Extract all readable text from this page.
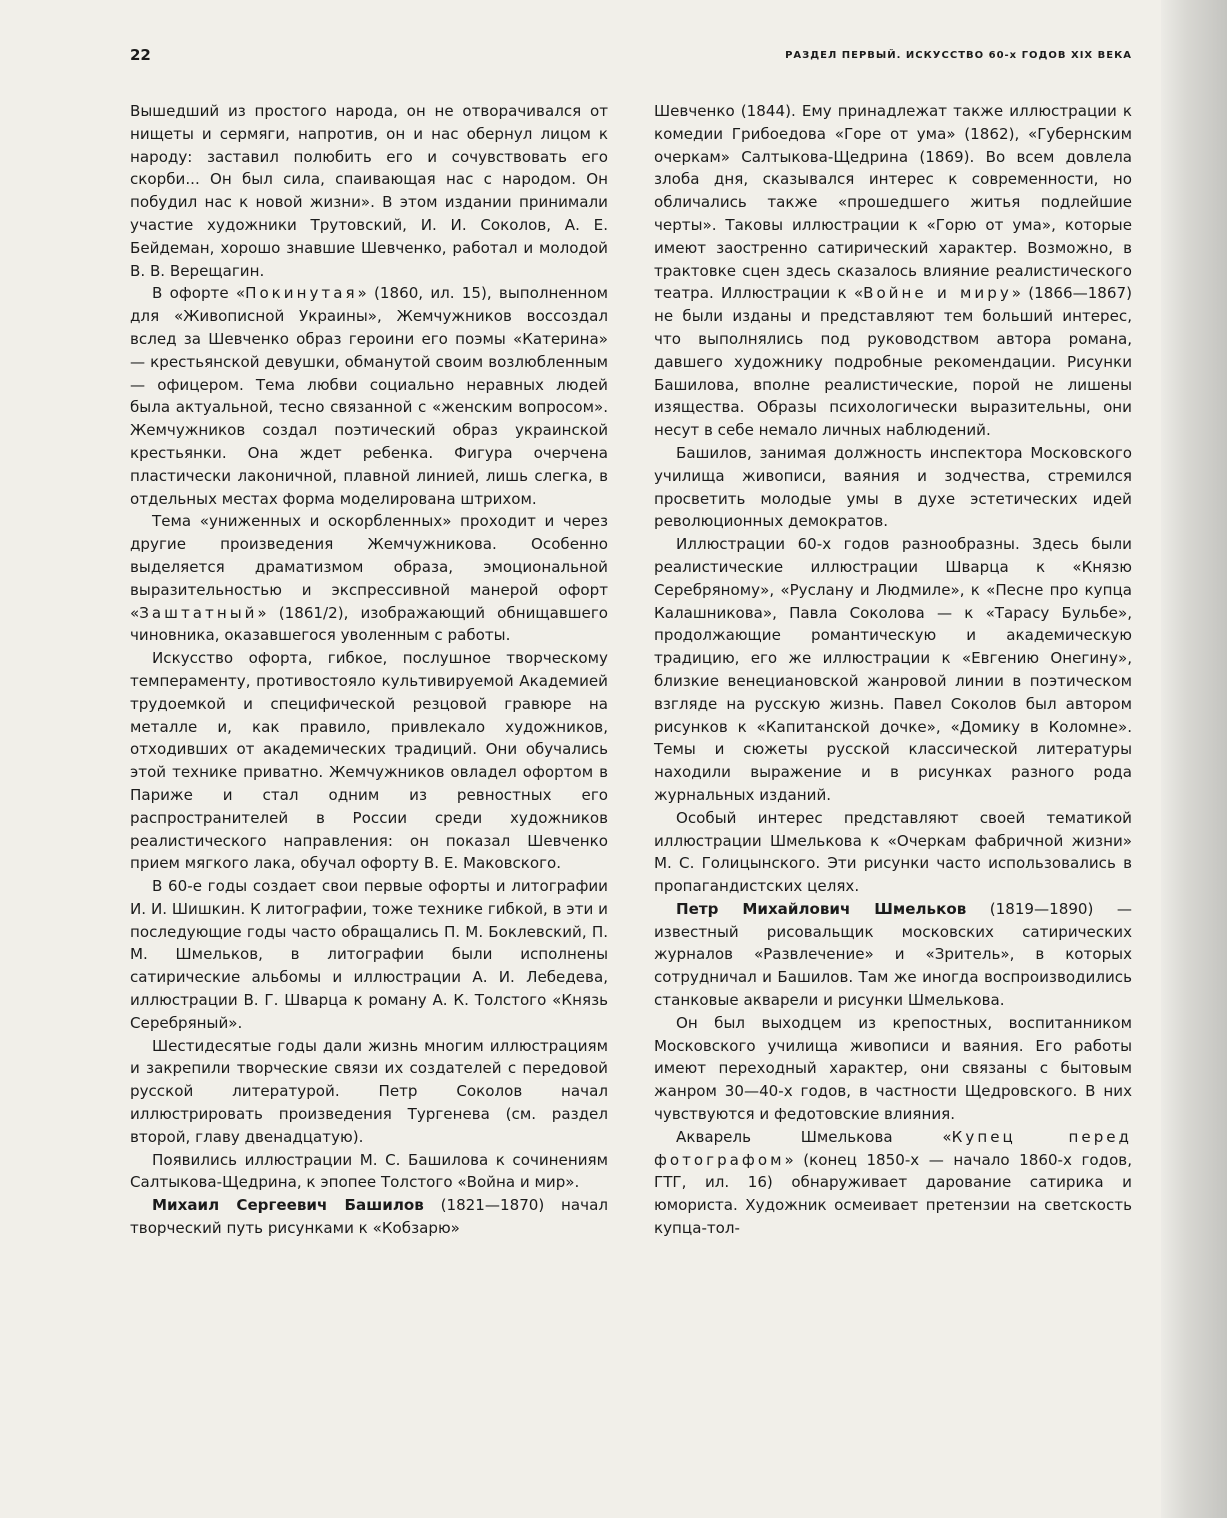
22	РАЗДЕЛ ПЕРВЫЙ. ИСКУССТВО 60-х ГОДОВ XIX ВЕКА

Вышедший из простого народа, он не отворачивался от нищеты и сермяги, напротив, он и нас обернул лицом к народу: заставил полюбить его и сочувствовать его скорби... Он был сила, спаивающая нас с народом. Он побудил нас к новой жизни». В этом издании принимали участие художники Трутовский, И. И. Соколов, А. Е. Бейдеман, хорошо знавшие Шевченко, работал и молодой В. В. Верещагин.

В офорте «Покинутая» (1860, ил. 15), выполненном для «Живописной Украины», Жемчужников воссоздал вслед за Шевченко образ героини его поэмы «Катерина» — крестьянской девушки, обманутой своим возлюбленным — офицером. Тема любви социально неравных людей была актуальной, тесно связанной с «женским вопросом». Жемчужников создал поэтический образ украинской крестьянки. Она ждет ребенка. Фигура очерчена пластически лаконичной, плавной линией, лишь слегка, в отдельных местах форма моделирована штрихом.

Тема «униженных и оскорбленных» проходит и через другие произведения Жемчужникова. Особенно выделяется драматизмом образа, эмоциональной выразительностью и экспрессивной манерой офорт «Заштатный» (1861/2), изображающий обнищавшего чиновника, оказавшегося уволенным с работы.

Искусство офорта, гибкое, послушное творческому темпераменту, противостояло культивируемой Академией трудоемкой и специфической резцовой гравюре на металле и, как правило, привлекало художников, отходивших от академических традиций. Они обучались этой технике приватно. Жемчужников овладел офортом в Париже и стал одним из ревностных его распространителей в России среди художников реалистического направления: он показал Шевченко прием мягкого лака, обучал офорту В. Е. Маковского.

В 60-е годы создает свои первые офорты и литографии И. И. Шишкин. К литографии, тоже технике гибкой, в эти и последующие годы часто обращались П. М. Боклевский, П. М. Шмельков, в литографии были исполнены сатирические альбомы и иллюстрации А. И. Лебедева, иллюстрации В. Г. Шварца к роману А. К. Толстого «Князь Серебряный».

Шестидесятые годы дали жизнь многим иллюстрациям и закрепили творческие связи их создателей с передовой русской литературой. Петр Соколов начал иллюстрировать произведения Тургенева (см. раздел второй, главу двенадцатую).

Появились иллюстрации М. С. Башилова к сочинениям Салтыкова-Щедрина, к эпопее Толстого «Война и мир».

Михаил Сергеевич Башилов (1821—1870) начал творческий путь рисунками к «Кобзарю»

Шевченко (1844). Ему принадлежат также иллюстрации к комедии Грибоедова «Горе от ума» (1862), «Губернским очеркам» Салтыкова-Щедрина (1869). Во всем довлела злоба дня, сказывался интерес к современности, но обличались также «прошедшего житья подлейшие черты». Таковы иллюстрации к «Горю от ума», которые имеют заостренно сатирический характер. Возможно, в трактовке сцен здесь сказалось влияние реалистического театра. Иллюстрации к «Войне и миру» (1866—1867) не были изданы и представляют тем больший интерес, что выполнялись под руководством автора романа, давшего художнику подробные рекомендации. Рисунки Башилова, вполне реалистические, порой не лишены изящества. Образы психологически выразительны, они несут в себе немало личных наблюдений.

Башилов, занимая должность инспектора Московского училища живописи, ваяния и зодчества, стремился просветить молодые умы в духе эстетических идей революционных демократов.

Иллюстрации 60-х годов разнообразны. Здесь были реалистические иллюстрации Шварца к «Князю Серебряному», «Руслану и Людмиле», к «Песне про купца Калашникова», Павла Соколова — к «Тарасу Бульбе», продолжающие романтическую и академическую традицию, его же иллюстрации к «Евгению Онегину», близкие венециановской жанровой линии в поэтическом взгляде на русскую жизнь. Павел Соколов был автором рисунков к «Капитанской дочке», «Домику в Коломне». Темы и сюжеты русской классической литературы находили выражение и в рисунках разного рода журнальных изданий.

Особый интерес представляют своей тематикой иллюстрации Шмелькова к «Очеркам фабричной жизни» М. С. Голицынского. Эти рисунки часто использовались в пропагандистских целях.

Петр Михайлович Шмельков (1819—1890) — известный рисовальщик московских сатирических журналов «Развлечение» и «Зритель», в которых сотрудничал и Башилов. Там же иногда воспроизводились станковые акварели и рисунки Шмелькова.

Он был выходцем из крепостных, воспитанником Московского училища живописи и ваяния. Его работы имеют переходный характер, они связаны с бытовым жанром 30—40-х годов, в частности Щедровского. В них чувствуются и федотовские влияния.

Акварель Шмелькова «Купец перед фотографом» (конец 1850-х — начало 1860-х годов, ГТГ, ил. 16) обнаруживает дарование сатирика и юмориста. Художник осмеивает претензии на светскость купца-тол-
